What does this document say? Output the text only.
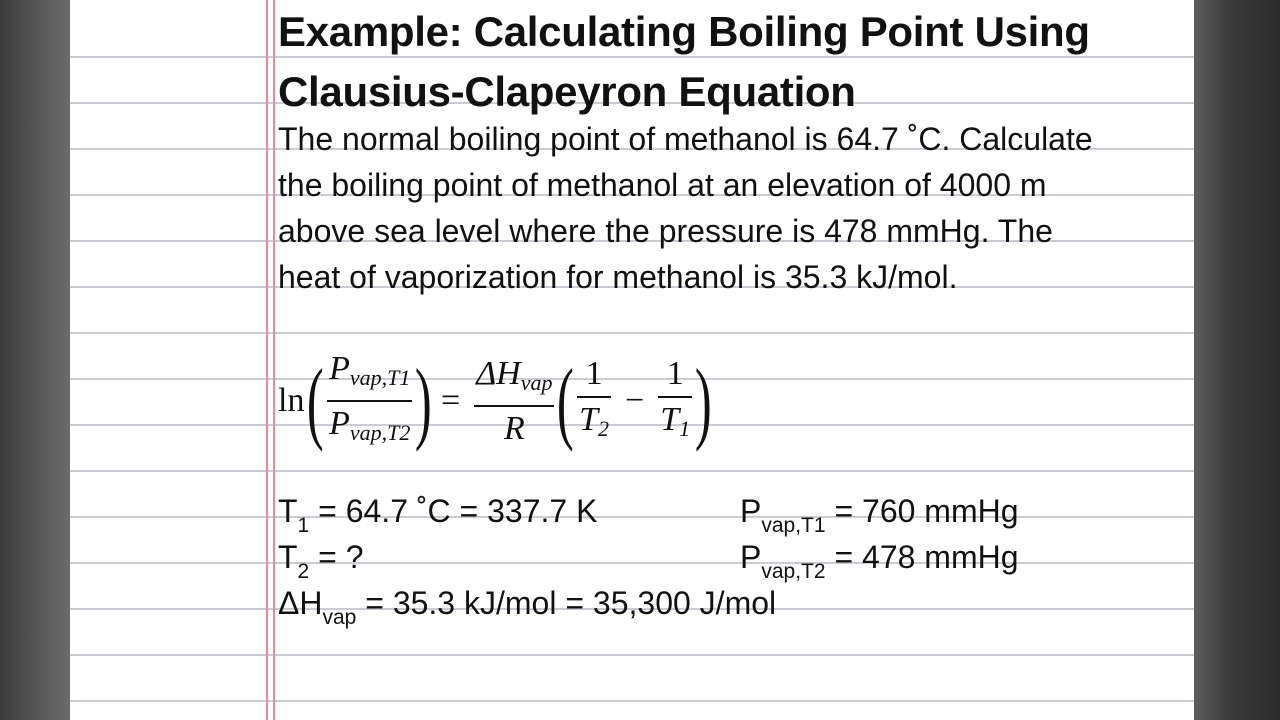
Example: Calculating Boiling Point Using
Clausius-Clapeyron Equation
The normal boiling point of methanol is 64.7 ˚C. Calculate
the boiling point of methanol at an elevation of 4000 m
above sea level where the pressure is 478 mmHg. The
heat of vaporization for methanol is 35.3 kJ/mol.
ln ( $\frac{P_{vap,T1}}{P_{vap,T2}}$ ) = $\frac{\Delta H_{vap}}{R}$ ( $\frac{1}{T_2} - \frac{1}{T_1}$ )
$T_1 = 64.7$ ˚C = 337.7 K
$T_2$ = ?
$\Delta H_{vap} = 35.3$ kJ/mol = 35,300 J/mol
$P_{vap,T1} = 760$ mmHg
$P_{vap,T2} = 478$ mmHg
